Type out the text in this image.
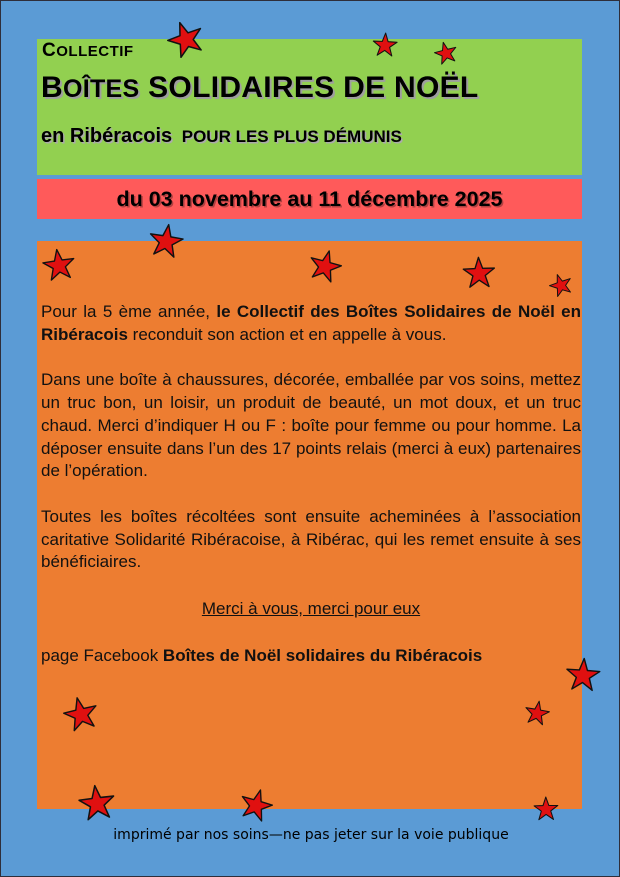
COLLECTIF
BOÎTES SOLIDAIRES DE NOËL
en Ribéracois POUR LES PLUS DÉMUNIS
du 03 novembre au 11 décembre 2025

Pour la 5 ème année, le Collectif des Boîtes Solidaires de Noël en Ribéracois reconduit son action et en appelle à vous.

Dans une boîte à chaussures, décorée, emballée par vos soins, mettez un truc bon, un loisir, un produit de beauté, un mot doux, et un truc chaud. Merci d’indiquer H ou F : boîte pour femme ou pour homme. La déposer ensuite dans l’un des 17 points relais (merci à eux) partenaires de l’opération.

Toutes les boîtes récoltées sont ensuite acheminées à l’association caritative Solidarité Ribéracoise, à Ribérac, qui les remet ensuite à ses bénéficiaires.

Merci à vous, merci pour eux

page Facebook Boîtes de Noël solidaires du Ribéracois

imprimé par nos soins—ne pas jeter sur la voie publique
